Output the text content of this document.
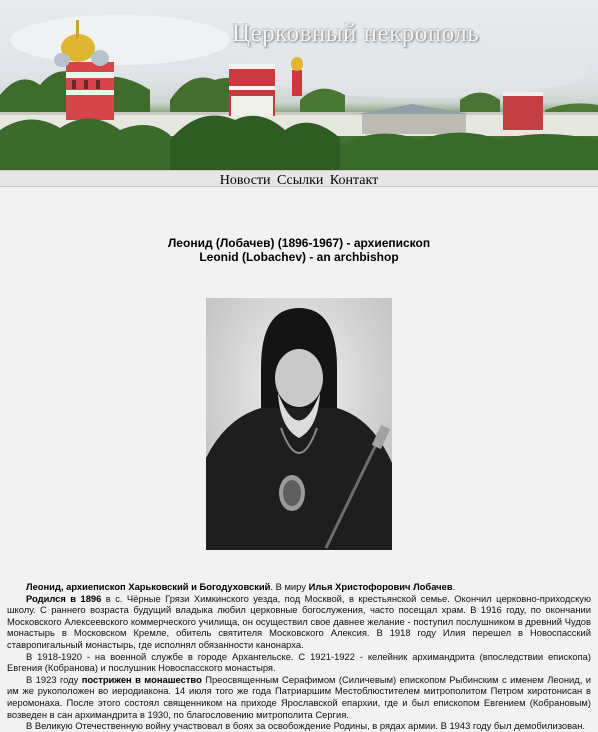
Церковный некрополь
Новости Ссылки Контакт
Леонид (Лобачев) (1896-1967) - архиепископ
Leonid (Lobachev) - an archbishop

Леонид, архиепископ Харьковский и Богодуховский. В миру Илья Христофорович Лобачев.

Родился в 1896 в с. Чёрные Грязи Химкинского уезда, под Москвой, в крестьянской семье. Окончил церковно-приходскую школу. С раннего возраста будущий владыка любил церковные богослужения, часто посещал храм. В 1916 году, по окончании Московского Алексеевского коммерческого училища, он осуществил свое давнее желание - поступил послушником в древний Чудов монастырь в Московском Кремле, обитель святителя Московского Алексия. В 1918 году Илия перешел в Новоспасский ставропигальный монастырь, где исполнял обязанности канонарха.

В 1918-1920 - на военной службе в городе Архангельске. С 1921-1922 - келейник архимандрита (впоследствии епископа) Евгения (Кобранова) и послушник Новоспасского монастыря.

В 1923 году пострижен в монашество Преосвященным Серафимом (Силичевым) епископом Рыбинским с именем Леонид, и им же рукоположен во иеродиакона. 14 июля того же года Патриаршим Местоблюстителем митрополитом Петром хиротонисан в иеромонаха. После этого состоял священником на приходе Ярославской епархии, где и был епископом Евгением (Кобрановым) возведен в сан архимандрита в 1930, по благословению митрополита Сергия.

В Великую Отечественную войну участвовал в боях за освобождение Родины, в рядах армии. В 1943 году был демобилизован.
